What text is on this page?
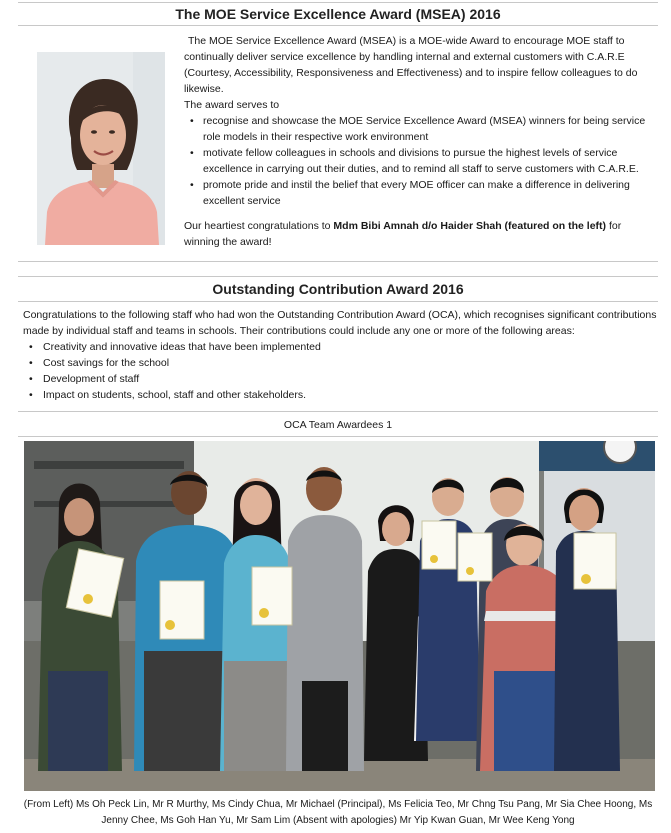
The MOE Service Excellence Award (MSEA) 2016

The MOE Service Excellence Award (MSEA) is a MOE-wide Award to encourage MOE staff to continually deliver service excellence by handling internal and external customers with C.A.R.E (Courtesy, Accessibility, Responsiveness and Effectiveness) and to inspire fellow colleagues to do likewise.

The award serves to

• recognise and showcase the MOE Service Excellence Award (MSEA) winners for being service role models in their respective work environment
• motivate fellow colleagues in schools and divisions to pursue the highest levels of service excellence in carrying out their duties, and to remind all staff to serve customers with C.A.R.E.
• promote pride and instil the belief that every MOE officer can make a difference in delivering excellent service

Our heartiest congratulations to Mdm Bibi Amnah d/o Haider Shah (featured on the left) for winning the award!

Outstanding Contribution Award 2016

Congratulations to the following staff who had won the Outstanding Contribution Award (OCA), which recognises significant contributions made by individual staff and teams in schools. Their contributions could include any one or more of the following areas:

• Creativity and innovative ideas that have been implemented
• Cost savings for the school
• Development of staff
• Impact on students, school, staff and other stakeholders.
OCA Team Awardees 1
(From Left) Ms Oh Peck Lin, Mr R Murthy, Ms Cindy Chua, Mr Michael (Principal), Ms Felicia Teo, Mr Chng Tsu Pang, Mr Sia Chee Hoong, Ms Jenny Chee, Ms Goh Han Yu, Mr Sam Lim (Absent with apologies) Mr Yip Kwan Guan, Mr Wee Keng Yong
